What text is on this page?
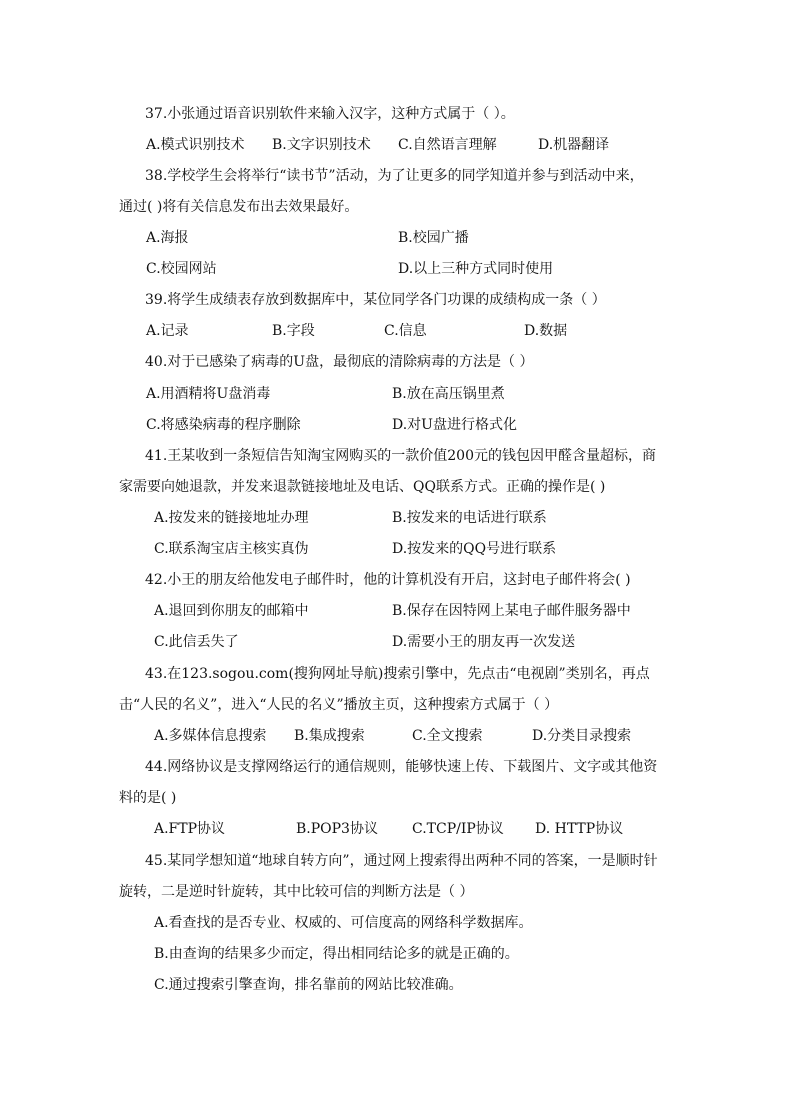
37.小张通过语音识别软件来输入汉字，这种方式属于（ ）。
A.模式识别技术 B.文字识别技术 C.自然语言理解	D.机器翻译
38.学校学生会将举行“读书节”活动，为了让更多的同学知道并参与到活动中来，
通过( )将有关信息发布出去效果最好。
A.海报	B.校园广播
C.校园网站	D.以上三种方式同时使用
39.将学生成绩表存放到数据库中，某位同学各门功课的成绩构成一条（ ）
A.记录	B.字段	C.信息	D.数据
40.对于已感染了病毒的U盘，最彻底的清除病毒的方法是（ ）
A.用酒精将U盘消毒	B.放在高压锅里煮
C.将感染病毒的程序删除	D.对U盘进行格式化
41.王某收到一条短信告知淘宝网购买的一款价值200元的钱包因甲醛含量超标，商
家需要向她退款，并发来退款链接地址及电话、QQ联系方式。正确的操作是( )
A.按发来的链接地址办理	B.按发来的电话进行联系
C.联系淘宝店主核实真伪	D.按发来的QQ号进行联系
42.小王的朋友给他发电子邮件时，他的计算机没有开启，这封电子邮件将会( )
A.退回到你朋友的邮箱中	B.保存在因特网上某电子邮件服务器中
C.此信丢失了	D.需要小王的朋友再一次发送
43.在123.sogou.com(搜狗网址导航)搜索引擎中，先点击“电视剧”类别名，再点
击“人民的名义”，进入“人民的名义”播放主页，这种搜索方式属于（ ）
A.多媒体信息搜索 B.集成搜索	C.全文搜索	D.分类目录搜索
44.网络协议是支撑网络运行的通信规则，能够快速上传、下载图片、文字或其他资
料的是( )
A.FTP协议	B.POP3协议 C.TCP/IP协议 D. HTTP协议
45.某同学想知道“地球自转方向”，通过网上搜索得出两种不同的答案，一是顺时针
旋转，二是逆时针旋转，其中比较可信的判断方法是（ ）
A.看查找的是否专业、权威的、可信度高的网络科学数据库。
B.由查询的结果多少而定，得出相同结论多的就是正确的。
C.通过搜索引擎查询，排名靠前的网站比较准确。
